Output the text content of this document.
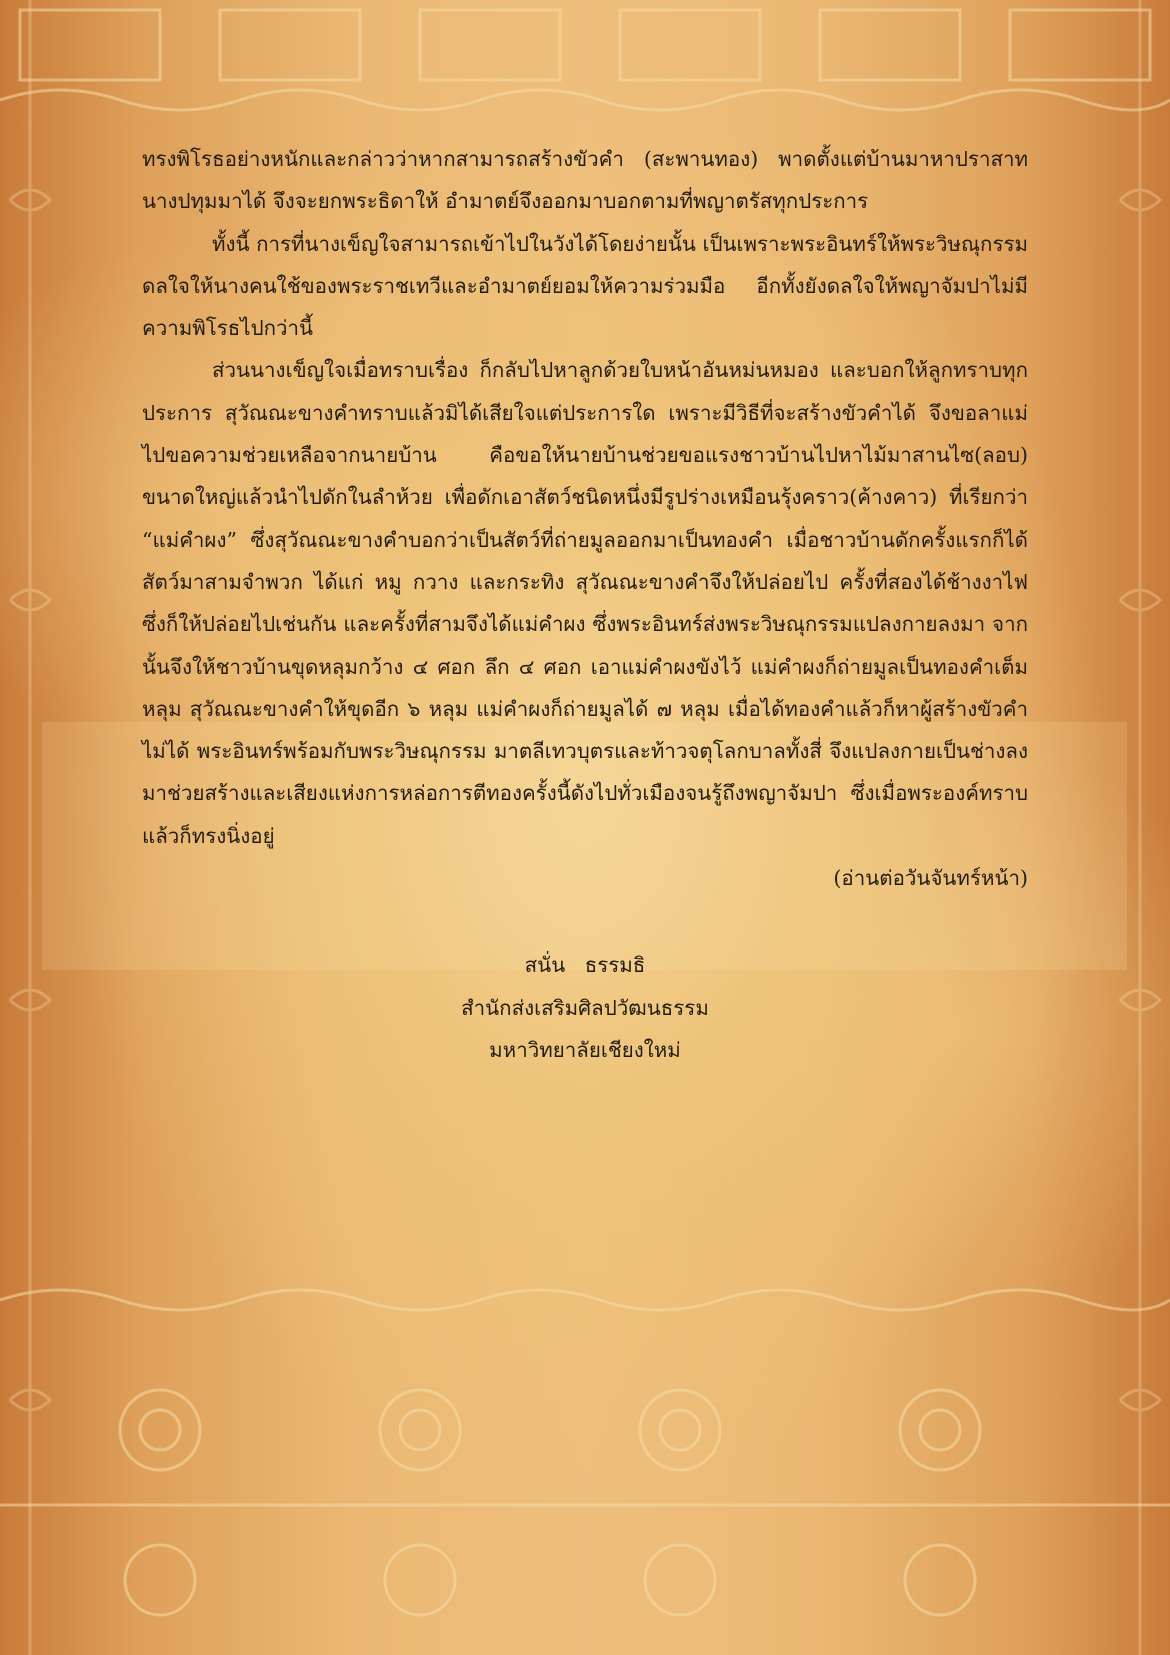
ทรงพิโรธอย่างหนักและกล่าวว่าหากสามารถสร้างขัวคำ (สะพานทอง) พาดตั้งแต่บ้านมาหาปราสาทนางปทุมมาได้ จึงจะยกพระธิดาให้ อำมาตย์จึงออกมาบอกตามที่พญาตรัสทุกประการ

ทั้งนี้ การที่นางเข็ญใจสามารถเข้าไปในวังได้โดยง่ายนั้น เป็นเพราะพระอินทร์ให้พระวิษณุกรรมดลใจให้นางคนใช้ของพระราชเทวีและอำมาตย์ยอมให้ความร่วมมือ อีกทั้งยังดลใจให้พญาจัมปาไม่มีความพิโรธไปกว่านี้

ส่วนนางเข็ญใจเมื่อทราบเรื่อง ก็กลับไปหาลูกด้วยใบหน้าอันหม่นหมอง และบอกให้ลูกทราบทุกประการ สุวัณณะขางคำทราบแล้วมิได้เสียใจแต่ประการใด เพราะมีวิธีที่จะสร้างขัวคำได้ จึงขอลาแม่ไปขอความช่วยเหลือจากนายบ้าน คือขอให้นายบ้านช่วยขอแรงชาวบ้านไปหาไม้มาสานไซ(ลอบ) ขนาดใหญ่แล้วนำไปดักในลำห้วย เพื่อดักเอาสัตว์ชนิดหนึ่งมีรูปร่างเหมือนรุ้งคราว(ค้างคาว) ที่เรียกว่า “แม่คำผง” ซึ่งสุวัณณะขางคำบอกว่าเป็นสัตว์ที่ถ่ายมูลออกมาเป็นทองคำ เมื่อชาวบ้านดักครั้งแรกก็ได้สัตว์มาสามจำพวก ได้แก่ หมู กวาง และกระทิง สุวัณณะขางคำจึงให้ปล่อยไป ครั้งที่สองได้ช้างงาไฟ ซึ่งก็ให้ปล่อยไปเช่นกัน และครั้งที่สามจึงได้แม่คำผง ซึ่งพระอินทร์ส่งพระวิษณุกรรมแปลงกายลงมา จากนั้นจึงให้ชาวบ้านขุดหลุมกว้าง ๔ ศอก ลึก ๔ ศอก เอาแม่คำผงขังไว้ แม่คำผงก็ถ่ายมูลเป็นทองคำเต็มหลุม สุวัณณะขางคำให้ขุดอีก ๖ หลุม แม่คำผงก็ถ่ายมูลได้ ๗ หลุม เมื่อได้ทองคำแล้วก็หาผู้สร้างขัวคำไม่ได้ พระอินทร์พร้อมกับพระวิษณุกรรม มาตลีเทวบุตรและท้าวจตุโลกบาลทั้งสี่ จึงแปลงกายเป็นช่างลงมาช่วยสร้างและเสียงแห่งการหล่อการตีทองครั้งนี้ดังไปทั่วเมืองจนรู้ถึงพญาจัมปา ซึ่งเมื่อพระองค์ทราบแล้วก็ทรงนิ่งอยู่

(อ่านต่อวันจันทร์หน้า)

สนั่น   ธรรมธิ
สำนักส่งเสริมศิลปวัฒนธรรม
มหาวิทยาลัยเชียงใหม่
